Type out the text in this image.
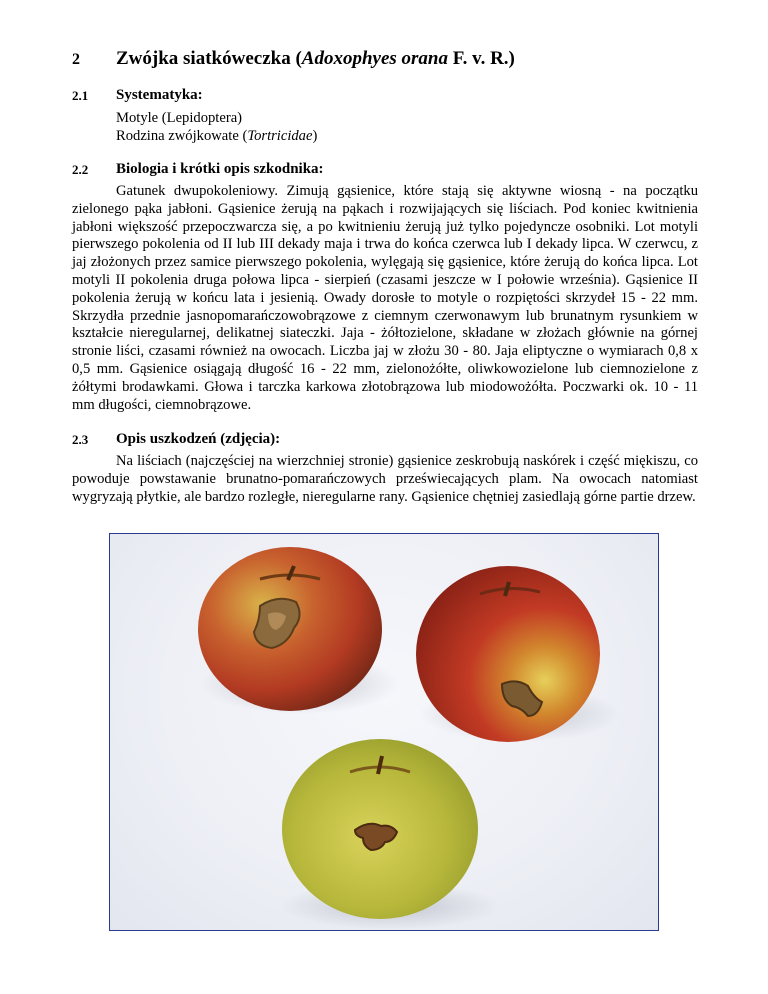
2 Zwójka siatkóweczka (Adoxophyes orana F. v. R.)
2.1 Systematyka:
Motyle (Lepidoptera)
Rodzina zwójkowate (Tortricidae)
2.2 Biologia i krótki opis szkodnika:

Gatunek dwupokoleniowy. Zimują gąsienice, które stają się aktywne wiosną - na początku zielonego pąka jabłoni. Gąsienice żerują na pąkach i rozwijających się liściach. Pod koniec kwitnienia jabłoni większość przepoczwarcza się, a po kwitnieniu żerują już tylko pojedyncze osobniki. Lot motyli pierwszego pokolenia od II lub III dekady maja i trwa do końca czerwca lub I dekady lipca. W czerwcu, z jaj złożonych przez samice pierwszego pokolenia, wylęgają się gąsienice, które żerują do końca lipca. Lot motyli II pokolenia druga połowa lipca - sierpień (czasami jeszcze w I połowie września). Gąsienice II pokolenia żerują w końcu lata i jesienią. Owady dorosłe to motyle o rozpiętości skrzydeł 15 - 22 mm. Skrzydła przednie jasnopomarańczowobrązowe z ciemnym czerwonawym lub brunatnym rysunkiem w kształcie nieregularnej, delikatnej siateczki. Jaja - żółtozielone, składane w złożach głównie na górnej stronie liści, czasami również na owocach. Liczba jaj w złożu 30 - 80. Jaja eliptyczne o wymiarach 0,8 x 0,5 mm. Gąsienice osiągają długość 16 - 22 mm, zielonożółte, oliwkowozielone lub ciemnozielone z żółtymi brodawkami. Głowa i tarczka karkowa złotobrązowa lub miodowożółta. Poczwarki ok. 10 - 11 mm długości, ciemnobrązowe.

2.3 Opis uszkodzeń (zdjęcia):

Na liściach (najczęściej na wierzchniej stronie) gąsienice zeskrobują naskórek i część miękiszu, co powoduje powstawanie brunatno-pomarańczowych przeświecających plam. Na owocach natomiast wygryzają płytkie, ale bardzo rozległe, nieregularne rany. Gąsienice chętniej zasiedlają górne partie drzew.
